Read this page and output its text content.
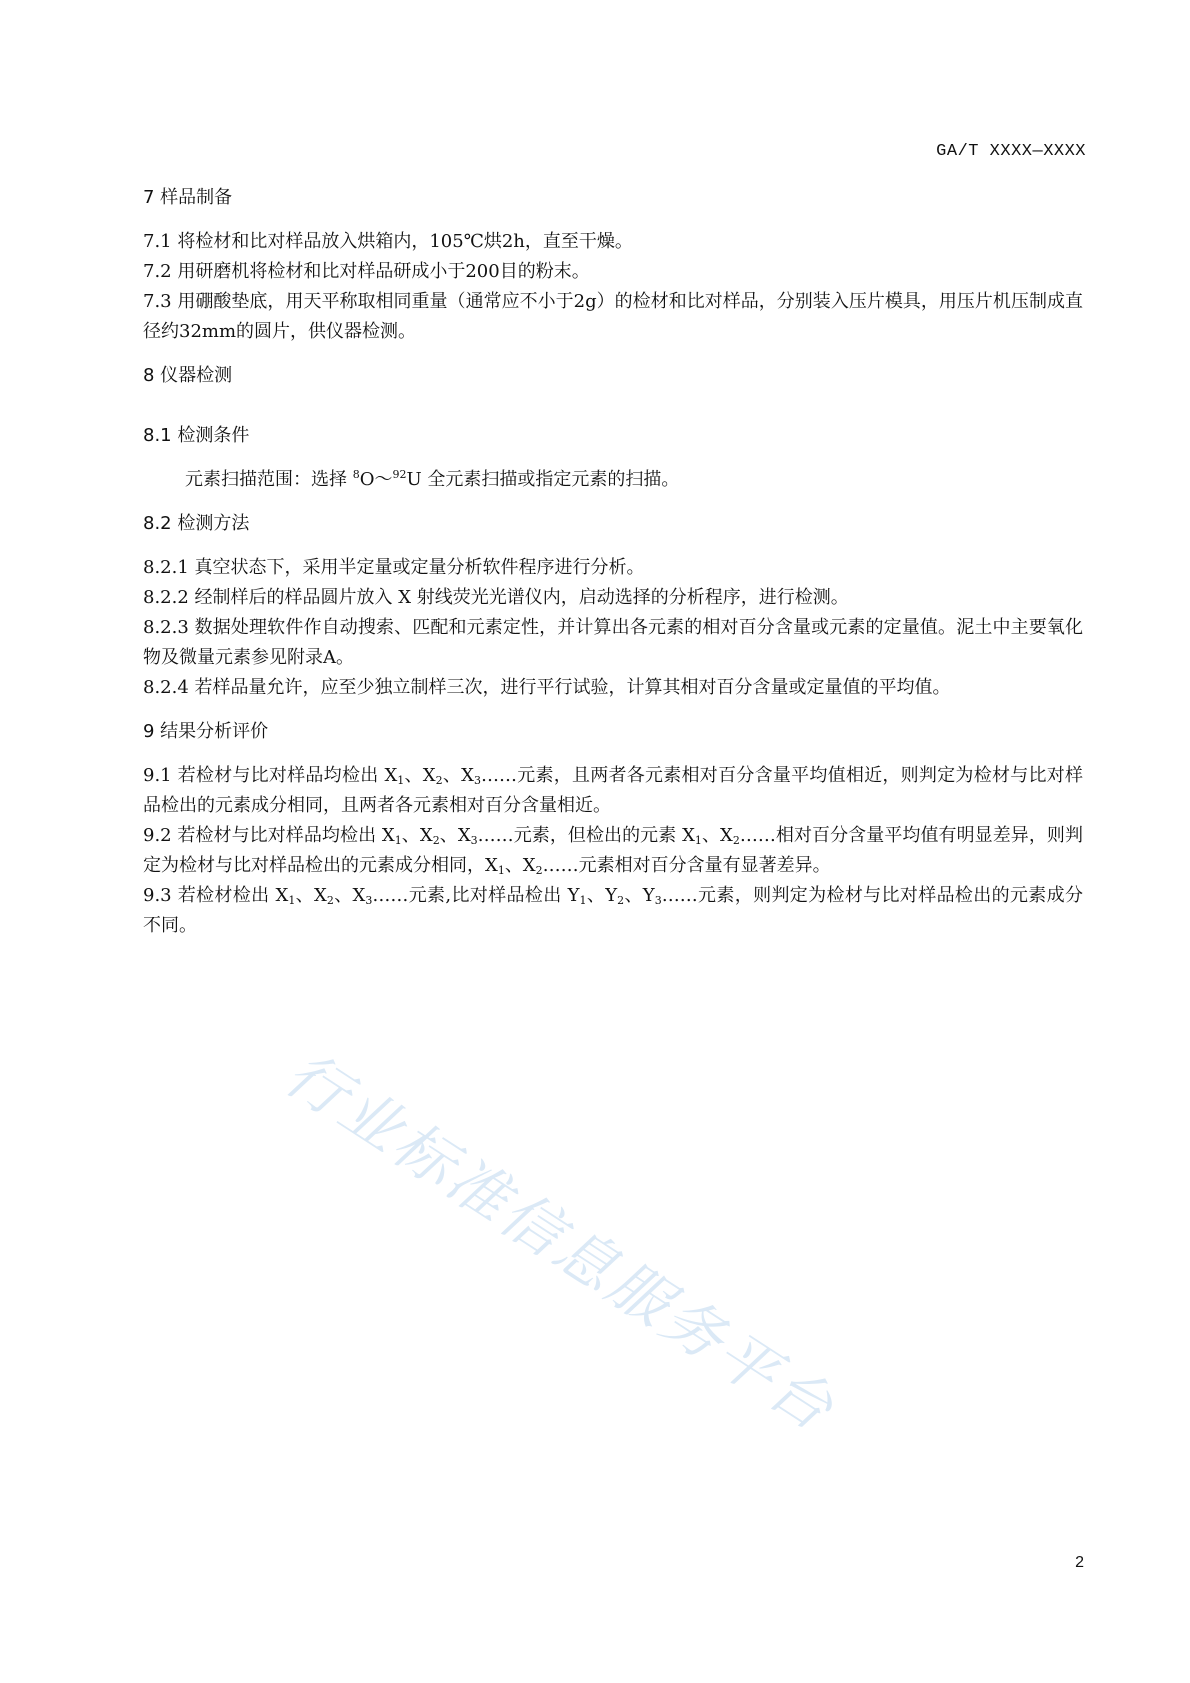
GA/T XXXX—XXXX

7 样品制备

7.1 将检材和比对样品放入烘箱内，105℃烘2h，直至干燥。

7.2 用研磨机将检材和比对样品研成小于200目的粉末。

7.3 用硼酸垫底，用天平称取相同重量（通常应不小于2g）的检材和比对样品，分别装入压片模具，用压片机压制成直径约32mm的圆片，供仪器检测。

8 仪器检测

8.1 检测条件

元素扫描范围：选择 $^8$O～$^{92}$U 全元素扫描或指定元素的扫描。

8.2 检测方法

8.2.1 真空状态下，采用半定量或定量分析软件程序进行分析。

8.2.2 经制样后的样品圆片放入 X 射线荧光光谱仪内，启动选择的分析程序，进行检测。

8.2.3 数据处理软件作自动搜索、匹配和元素定性，并计算出各元素的相对百分含量或元素的定量值。泥土中主要氧化物及微量元素参见附录A。

8.2.4 若样品量允许，应至少独立制样三次，进行平行试验，计算其相对百分含量或定量值的平均值。

9 结果分析评价

9.1 若检材与比对样品均检出 $X_1$、$X_2$、$X_3\dots\dots$元素，且两者各元素相对百分含量平均值相近，则判定为检材与比对样品检出的元素成分相同，且两者各元素相对百分含量相近。

9.2 若检材与比对样品均检出 $X_1$、$X_2$、$X_3\dots\dots$元素，但检出的元素 $X_1$、$X_2\dots\dots$相对百分含量平均值有明显差异，则判定为检材与比对样品检出的元素成分相同，$X_1$、$X_2\dots\dots$元素相对百分含量有显著差异。

9.3 若检材检出 $X_1$、$X_2$、$X_3\dots\dots$元素,比对样品检出 $Y_1$、$Y_2$、$Y_3\dots\dots$元素，则判定为检材与比对样品检出的元素成分不同。

行业标准信息服务平台
2
